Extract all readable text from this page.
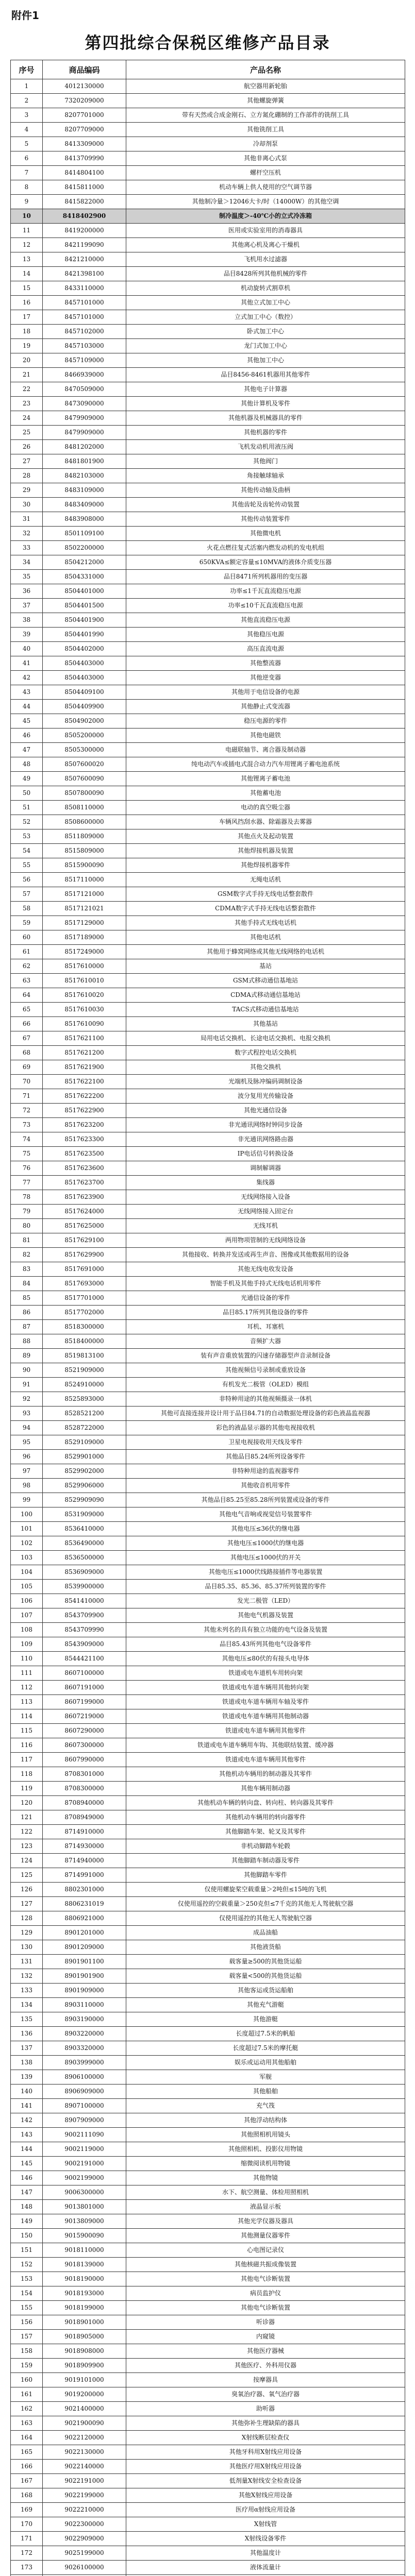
附件1
第四批综合保税区维修产品目录
序号	商品编码	产品名称
1	4012130000	航空器用新轮胎
2	7320209000	其他螺旋弹簧
3	8207701000	带有天然或合成金刚石、立方氮化硼制的工作部件的铣削工具
4	8207709000	其他铣削工具
5	8413309000	冷却剂泵
6	8413709990	其他非离心式泵
7	8414804100	螺杆空压机
8	8415811000	机动车辆上供人使用的空气调节器
9	8415822000	其他制冷量＞12046大卡/时（14000W）的其他空调
10	8418402900	制冷温度＞-40℃小的立式冷冻箱
11	8419200000	医用或实验室用的消毒器具
12	8421199090	其他离心机及离心干燥机
13	8421210000	飞机用水过滤器
14	8421398100	品目8428所列其他机械的零件
15	8433110000	机动旋转式割草机
16	8457101000	其他立式加工中心
17	8457101000	立式加工中心（数控）
18	8457102000	卧式加工中心
19	8457103000	龙门式加工中心
20	8457109000	其他加工中心
21	8466939000	品目8456-8461机器用其他零件
22	8470509000	其他电子计算器
23	8473090000	其他计算机及零件
24	8479909000	其他机器及机械器具的零件
25	8479909000	其他机器的零件
26	8481202000	飞机发动机用液压阀
27	8481801900	其他阀门
28	8482103000	角接触球轴承
29	8483109000	其他传动轴及曲柄
30	8483409000	其他齿轮及齿轮传动装置
31	8483908000	其他传动装置零件
32	8501109100	其他微电机
33	8502200000	火花点燃往复式活塞内燃发动机的发电机组
34	8504212000	650KVA≤额定容量≤10MVA的液体介质变压器
35	8504331000	品目8471所列机器用的变压器
36	8504401000	功率≤1千瓦直流稳压电源
37	8504401500	功率≤10千瓦直流稳压电源
38	8504401900	其他直流稳压电源
39	8504401990	其他稳压电源
40	8504402000	高压直流电源
41	8504403000	其他整流器
42	8504403000	其他逆变器
43	8504409100	其他用于电信设备的电源
44	8504409900	其他静止式变流器
45	8504902000	稳压电源的零件
46	8505200000	其他电磁铁
47	8505300000	电磁联轴节、离合器及制动器
48	8507600020	纯电动汽车或插电式混合动力汽车用锂离子蓄电池系统
49	8507600090	其他锂离子蓄电池
50	8507800090	其他蓄电池
51	8508110000	电动的真空吸尘器
52	8508600000	车辆风挡刮水器、除霜器及去雾器
53	8511809000	其他点火及起动装置
54	8515809000	其他焊接机器及装置
55	8515900090	其他焊接机器零件
56	8517110000	无绳电话机
57	8517121000	GSM数字式手持无线电话整套散件
58	8517121021	CDMA数字式手持无线电话整套散件
59	8517129000	其他手持式无线电话机
60	8517189000	其他电话机
61	8517249000	其他用于蜂窝网络或其他无线网络的电话机
62	8517610000	基站
63	8517610010	GSM式移动通信基地站
64	8517610020	CDMA式移动通信基地站
65	8517610030	TACS式移动通信基地站
66	8517610090	其他基站
67	8517621100	局用电话交换机、长途电话交换机、电报交换机
68	8517621200	数字式程控电话交换机
69	8517621900	其他交换机
70	8517622100	光端机及脉冲编码调制设备
71	8517622200	波分复用光传输设备
72	8517622900	其他光通信设备
73	8517623200	非光通讯网络时钟同步设备
74	8517623300	非光通讯网络路由器
75	8517623500	IP电话信号转换设备
76	8517623600	调制解调器
77	8517623700	集线器
78	8517623900	无线网络接入设备
79	8517624000	无线网络接入固定台
80	8517625000	无线耳机
81	8517629100	两用物项管制的无线网络设备
82	8517629900	其他接收、转换并发送或再生声音、图像或其他数据用的设备
83	8517691000	其他无线电收发设备
84	8517693000	智能手机及其他手持式无线电话机用零件
85	8517701000	光通信设备的零件
86	8517702000	品目85.17所列其他设备的零件
87	8518300000	耳机、耳塞机
88	8518400000	音频扩大器
89	8519813100	装有声音重放装置的闪速存储器型声音录制设备
90	8521909000	其他视频信号录制或重放设备
91	8524910000	有机发光二极管（OLED）模组
92	8525893000	非特种用途的其他视频摄录一体机
93	8528521200	其他可直接连接并设计用于品目84.71的自动数据处理设备的彩色液晶监视器
94	8528722000	彩色的液晶显示器的其他电视接收机
95	8529109000	卫星电视接收用天线及零件
96	8529901000	其他品目85.24所列设备零件
97	8529902000	非特种用途的监视器零件
98	8529906000	其他收音机用零件
99	8529909090	其他品目85.25至85.28所列装置或设备的零件
100	8531909000	其他电气音响或视觉信号装置零件
101	8536410000	其他电压≤36伏的继电器
102	8536490000	其他电压≤1000伏的继电器
103	8536500000	其他电压≤1000伏的开关
104	8536909000	其他电压≤1000伏线路接插件等电器装置
105	8539900000	品目85.35、85.36、85.37所列装置的零件
106	8541410000	发光二极管（LED）
107	8543709900	其他电气机器及装置
108	8543709990	其他未列名的具有独立功能的电气设备及装置
109	8543909000	品目85.43所列其他电气设备零件
110	8544421100	其他电压≤80伏的有接头电导体
111	8607100000	铁道或电车道机车用转向架
112	8607191000	铁道或电车道车辆用其他转向架
113	8607199000	铁道或电车道车辆用车轴及零件
114	8607219000	铁道或电车道车辆用其他制动器
115	8607290000	铁道或电车道车辆用其他零件
116	8607300000	铁道或电车道车辆用车钩、其他联结装置、缓冲器
117	8607990000	铁道或电车道车辆用其他零件
118	8708301000	其他机动车辆用的制动器及其零件
119	8708300000	其他车辆用制动器
120	8708940000	其他机动车辆的转向盘、转向柱、转向器及其零件
121	8708949000	其他机动车辆用的转向器零件
122	8714910000	其他脚踏车架、轮叉及其零件
123	8714930000	非机动脚踏车轮毂
124	8714940000	其他脚踏车制动器及零件
125	8714991000	其他脚踏车零件
126	8802301000	仅使用螺旋桨空载重量＞2吨但≤15吨的飞机
127	8806231019	仅使用遥控的空载重量＞250克但≤7千克的其他无人驾驶航空器
128	8806921000	仅使用遥控的其他无人驾驶航空器
129	8901201000	成品油船
130	8901209000	其他液货船
131	8901901100	载客量≥500的其他货运船
132	8901901900	载客量<500的其他货运船
133	8901909000	其他客运或货运船舶
134	8903110000	其他充气游艇
135	8903190000	其他游艇
136	8903220000	长度超过7.5米的帆船
137	8903320000	长度超过7.5米的摩托艇
138	8903999000	娱乐或运动用其他船舶
139	8906100000	军舰
140	8906909000	其他船舶
141	8907100000	充气筏
142	8907909000	其他浮动结构体
143	9002111090	其他照相机用镜头
144	9002119000	其他照相机、投影仪用物镜
145	9002191000	缩微阅读机用物镜
146	9002199000	其他物镜
147	9006300000	水下、航空测量、体检用照相机
148	9013801000	液晶显示板
149	9013809000	其他光学仪器及器具
150	9015900090	其他测量仪器零件
151	9018110000	心电图记录仪
152	9018139000	其他核磁共振成像装置
153	9018190000	其他电气诊断装置
154	9018193000	病员监护仪
155	9018199000	其他电气诊断装置
156	9018901000	听诊器
157	9018905000	内窥镜
158	9018908000	其他医疗器械
159	9018909900	其他医疗、外科用仪器
160	9019101000	按摩器具
161	9019200000	臭氧治疗器、氧气治疗器
162	9021400000	助听器
163	9021900090	其他弥补生理缺陷的器具
164	9022120000	X射线断层检查仪
165	9022130000	其他牙科用X射线应用设备
166	9022140000	其他医疗用X射线应用设备
167	9022191000	低剂量X射线安全检查设备
168	9022199000	其他X射线应用设备
169	9022210000	医疗用α射线应用设备
170	9022300000	X射线管
171	9022909000	X射线设备零件
172	9025199000	其他温度计
173	9026100000	液体流量计
